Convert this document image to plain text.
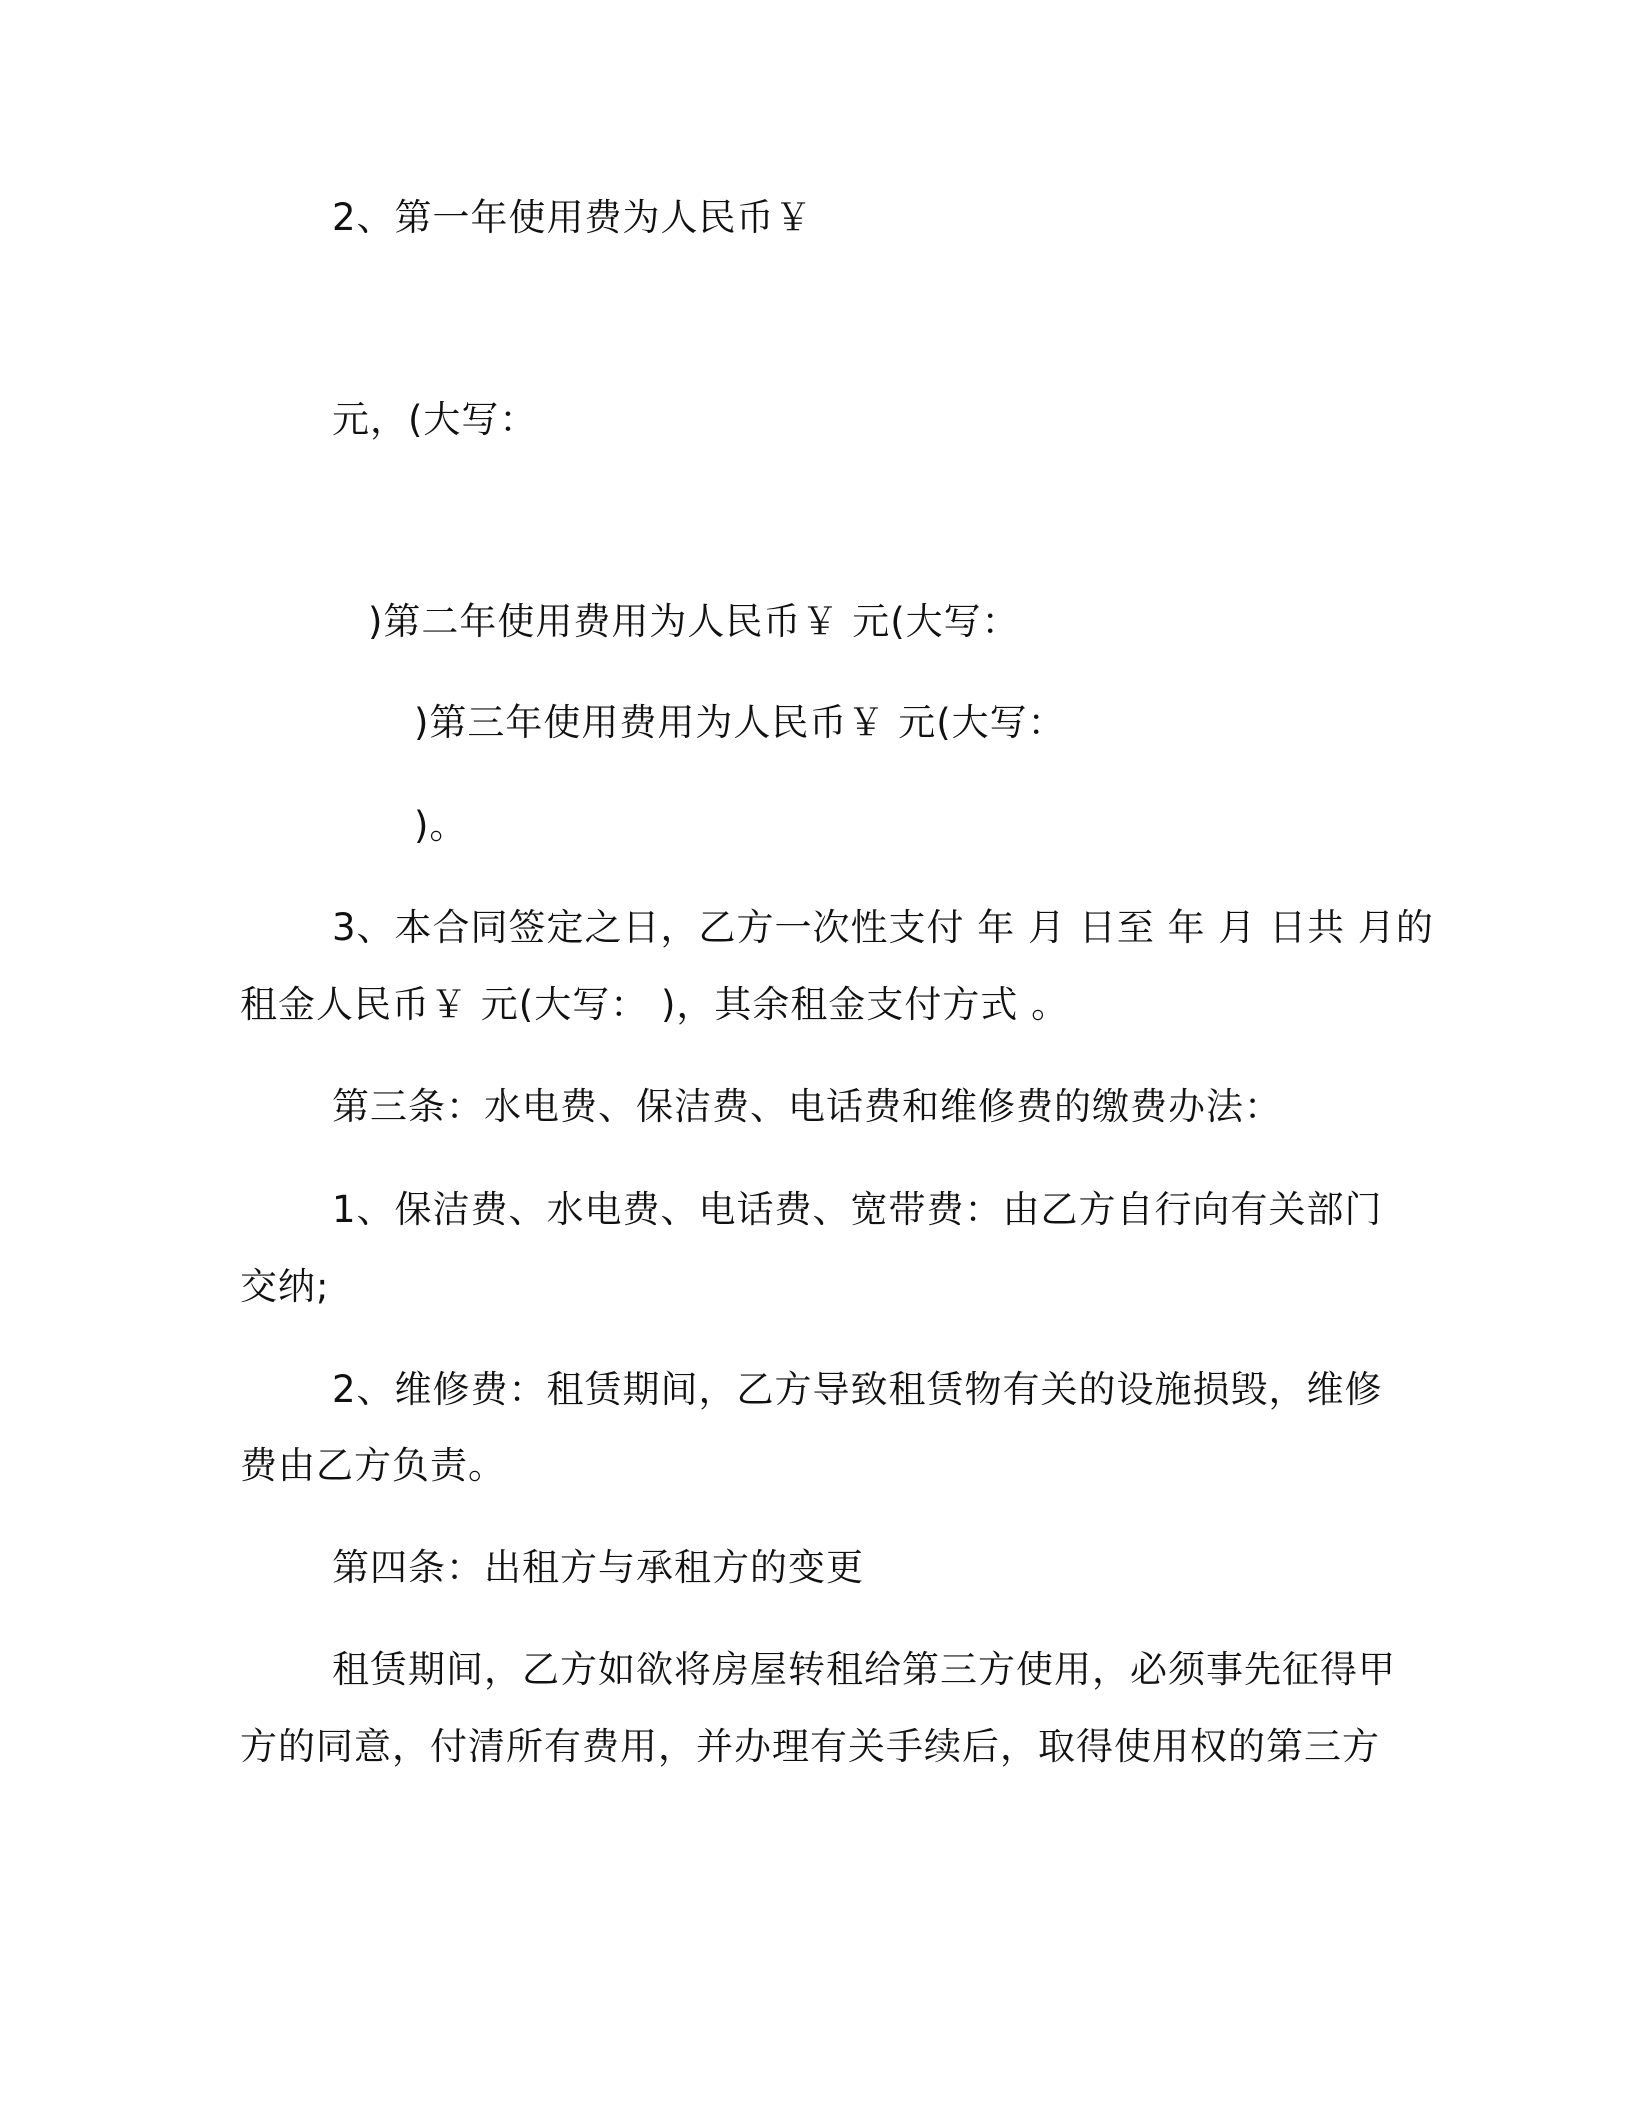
2、第一年使用费为人民币￥
元，(大写：
)第二年使用费用为人民币￥ 元(大写：
)第三年使用费用为人民币￥ 元(大写：
)。
3、本合同签定之日，乙方一次性支付 年 月 日至 年 月 日共 月的
租金人民币￥ 元(大写： )，其余租金支付方式 。
第三条：水电费、保洁费、电话费和维修费的缴费办法：
1、保洁费、水电费、电话费、宽带费：由乙方自行向有关部门
交纳;
2、维修费：租赁期间，乙方导致租赁物有关的设施损毁，维修
费由乙方负责。
第四条：出租方与承租方的变更
租赁期间，乙方如欲将房屋转租给第三方使用，必须事先征得甲
方的同意，付清所有费用，并办理有关手续后，取得使用权的第三方
